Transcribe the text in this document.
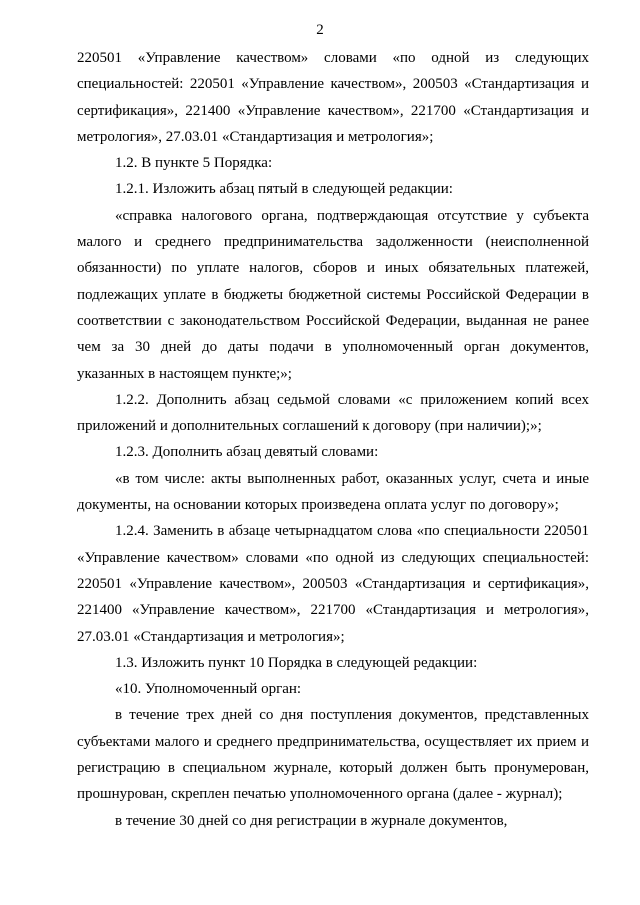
2

220501 «Управление качеством» словами «по одной из следующих специальностей: 220501 «Управление качеством», 200503 «Стандартизация и сертификация», 221400 «Управление качеством», 221700 «Стандартизация и метрология», 27.03.01 «Стандартизация и метрология»;

1.2. В пункте 5 Порядка:

1.2.1. Изложить абзац пятый в следующей редакции:

«справка налогового органа, подтверждающая отсутствие у субъекта малого и среднего предпринимательства задолженности (неисполненной обязанности) по уплате налогов, сборов и иных обязательных платежей, подлежащих уплате в бюджеты бюджетной системы Российской Федерации в соответствии с законодательством Российской Федерации, выданная не ранее чем за 30 дней до даты подачи в уполномоченный орган документов, указанных в настоящем пункте;»;

1.2.2. Дополнить абзац седьмой словами «с приложением копий всех приложений и дополнительных соглашений к договору (при наличии);»;

1.2.3. Дополнить абзац девятый словами:

«в том числе: акты выполненных работ, оказанных услуг, счета и иные документы, на основании которых произведена оплата услуг по договору»;

1.2.4. Заменить в абзаце четырнадцатом слова «по специальности 220501 «Управление качеством» словами «по одной из следующих специальностей: 220501 «Управление качеством», 200503 «Стандартизация и сертификация», 221400 «Управление качеством», 221700 «Стандартизация и метрология», 27.03.01 «Стандартизация и метрология»;

1.3. Изложить пункт 10 Порядка в следующей редакции:

«10. Уполномоченный орган:

в течение трех дней со дня поступления документов, представленных субъектами малого и среднего предпринимательства, осуществляет их прием и регистрацию в специальном журнале, который должен быть пронумерован, прошнурован, скреплен печатью уполномоченного органа (далее - журнал);

в течение 30 дней со дня регистрации в журнале документов,
